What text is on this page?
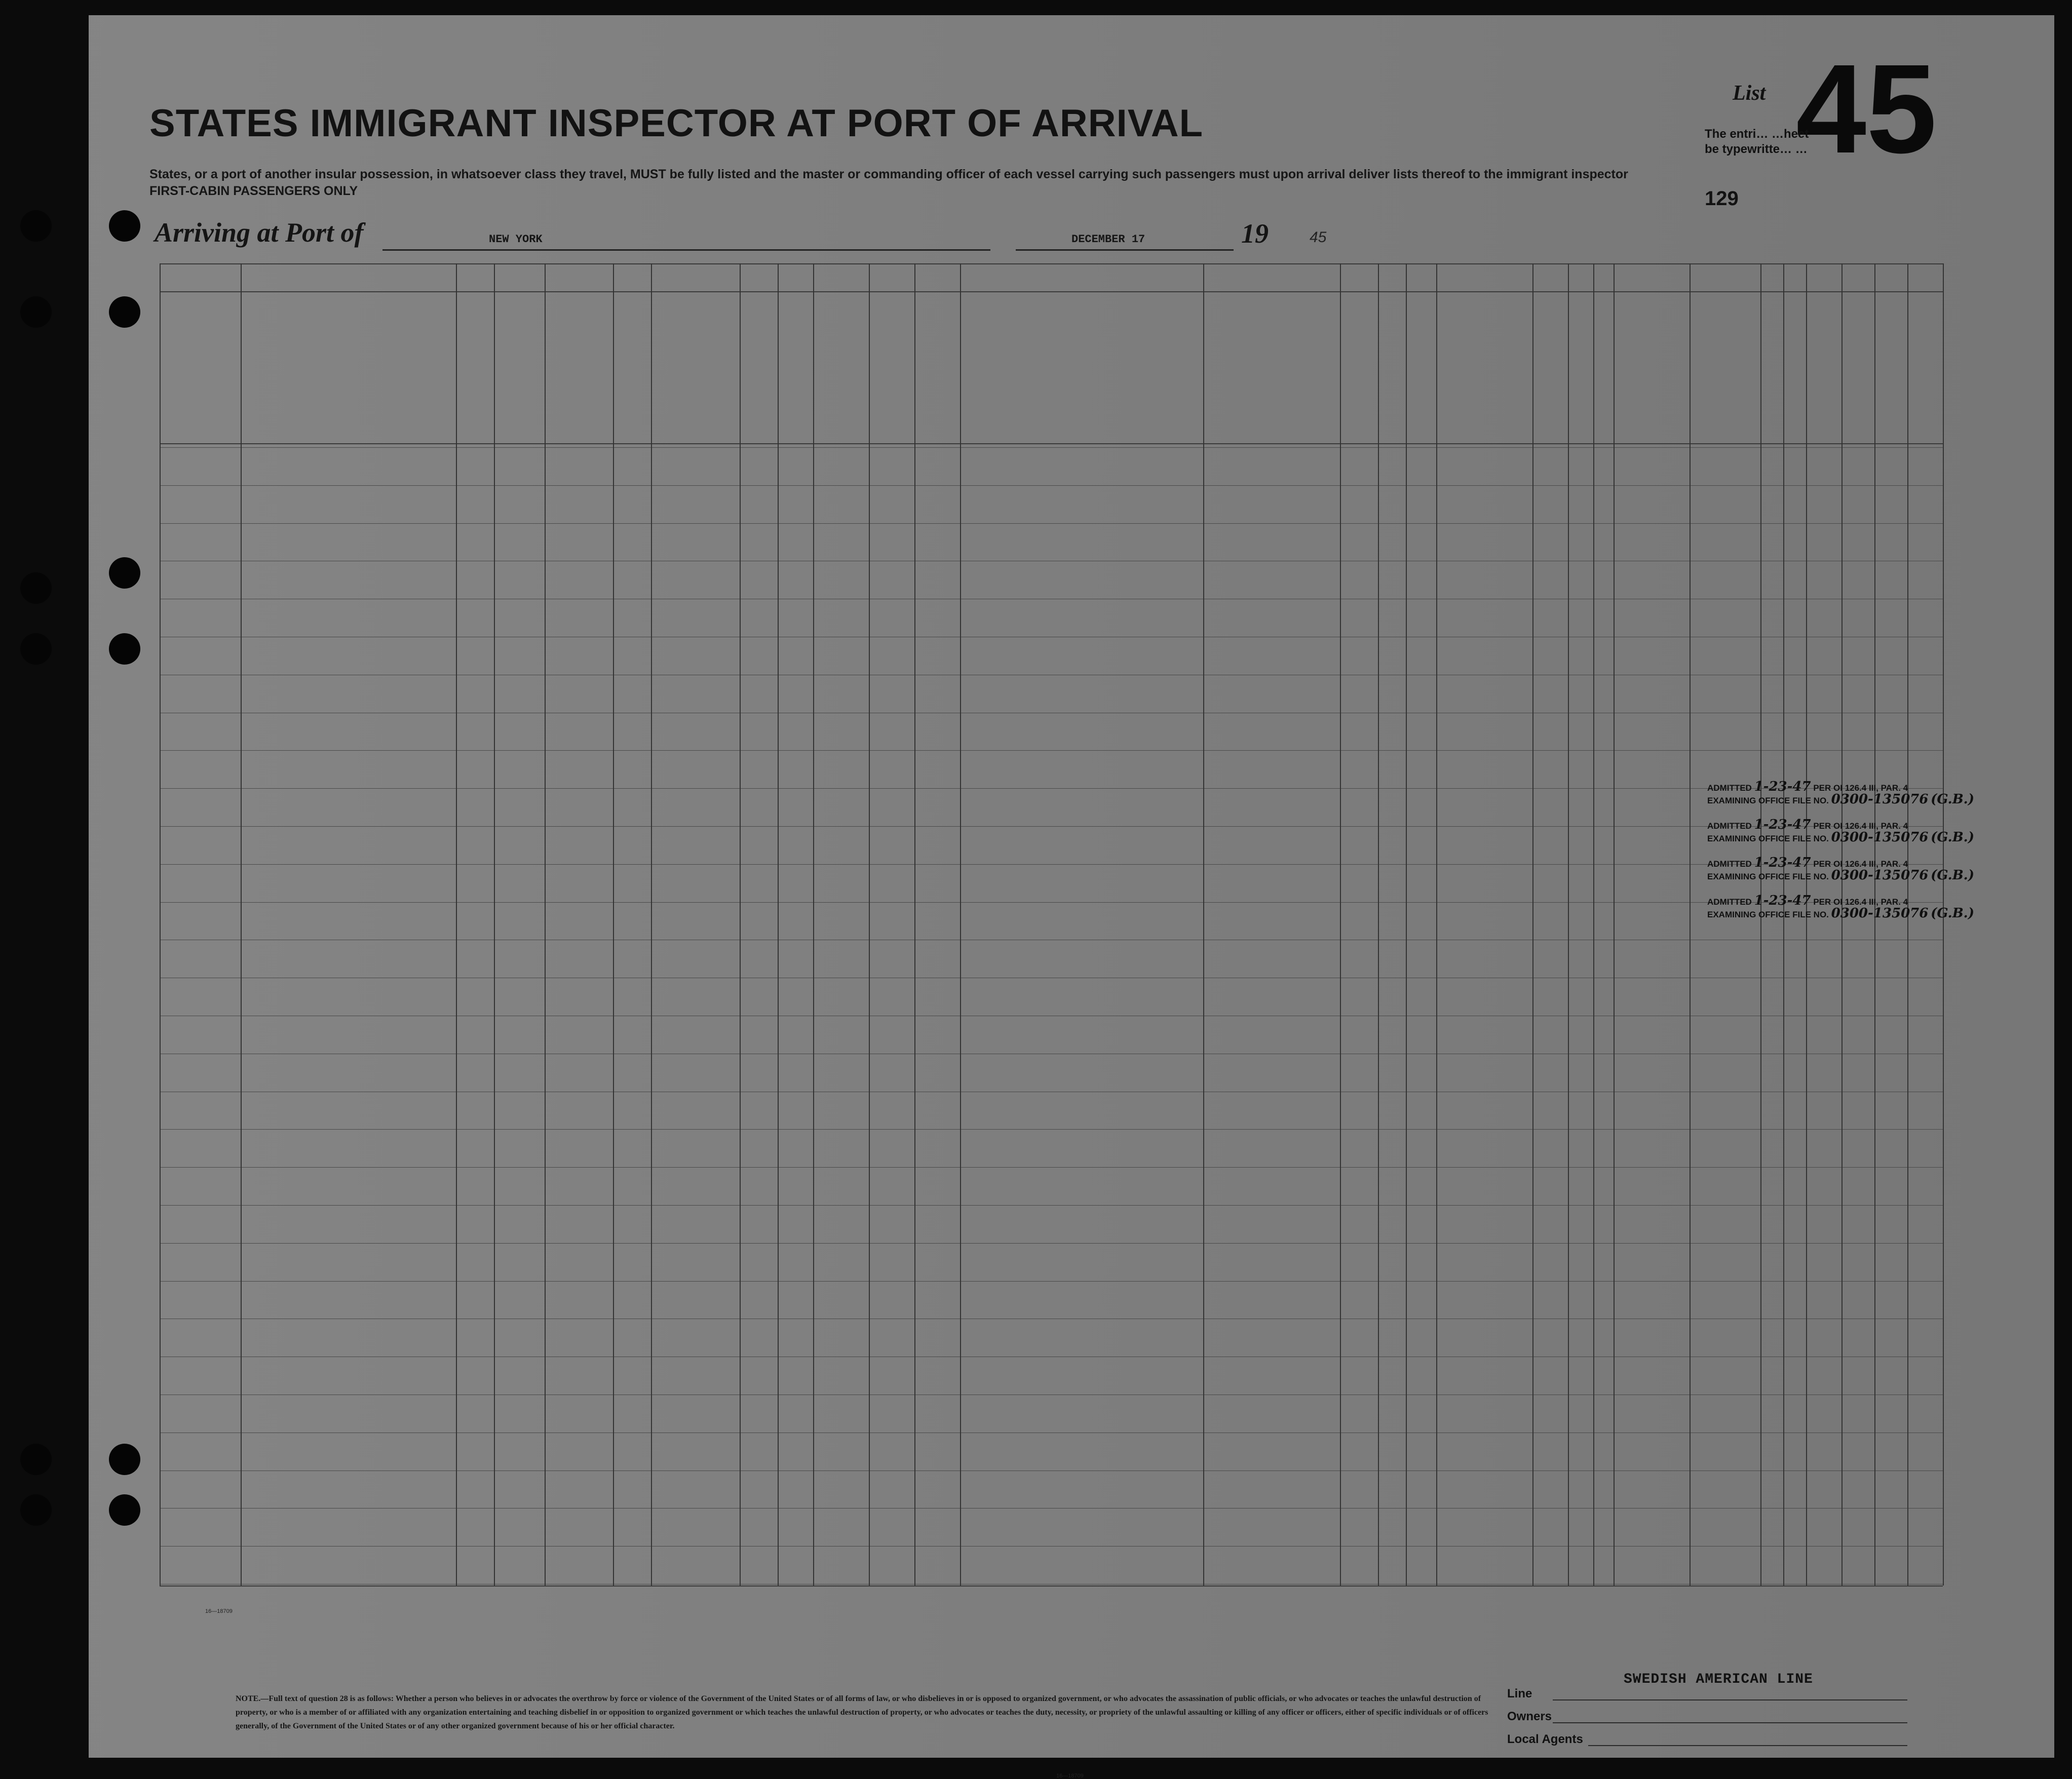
STATES IMMIGRANT INSPECTOR AT PORT OF ARRIVAL
States, or a port of another insular possession, in whatsoever class they travel, MUST be fully listed and the master or commanding officer of each vessel carrying such passengers must upon arrival deliver lists thereof to the immigrant inspector
FIRST-CABIN PASSENGERS ONLY
Arriving at Port of	NEW YORK	DECEMBER 17	19	45
List 45
The entri… …heet
be typewritte… …
129
ADMITTED 1-23-47 PER OI 126.4 III, PAR. 4
EXAMINING OFFICE FILE NO. 0300-135076 (G.B.)
ADMITTED 1-23-47 PER OI 126.4 III, PAR. 4
EXAMINING OFFICE FILE NO. 0300-135076 (G.B.)
ADMITTED 1-23-47 PER OI 126.4 III, PAR. 4
EXAMINING OFFICE FILE NO. 0300-135076 (G.B.)
ADMITTED 1-23-47 PER OI 126.4 III, PAR. 4
EXAMINING OFFICE FILE NO. 0300-135076 (G.B.)
16—18709
16—18709
NOTE.—Full text of question 28 is as follows: Whether a person who believes in or advocates the overthrow by force or violence of the Government of the United States or of all forms of law, or who disbelieves in or is opposed to organized government, or who advocates the assassination of public officials, or who advocates or teaches the unlawful destruction of property, or who is a member of or affiliated with any organization entertaining and teaching disbelief in or opposition to organized government or which teaches the unlawful destruction of property, or who advocates or teaches the duty, necessity, or propriety of the unlawful assaulting or killing of any officer or officers, either of specific individuals or of officers generally, of the Government of the United States or of any other organized government because of his or her official character.
SWEDISH AMERICAN LINE
Line
Owners
Local Agents
